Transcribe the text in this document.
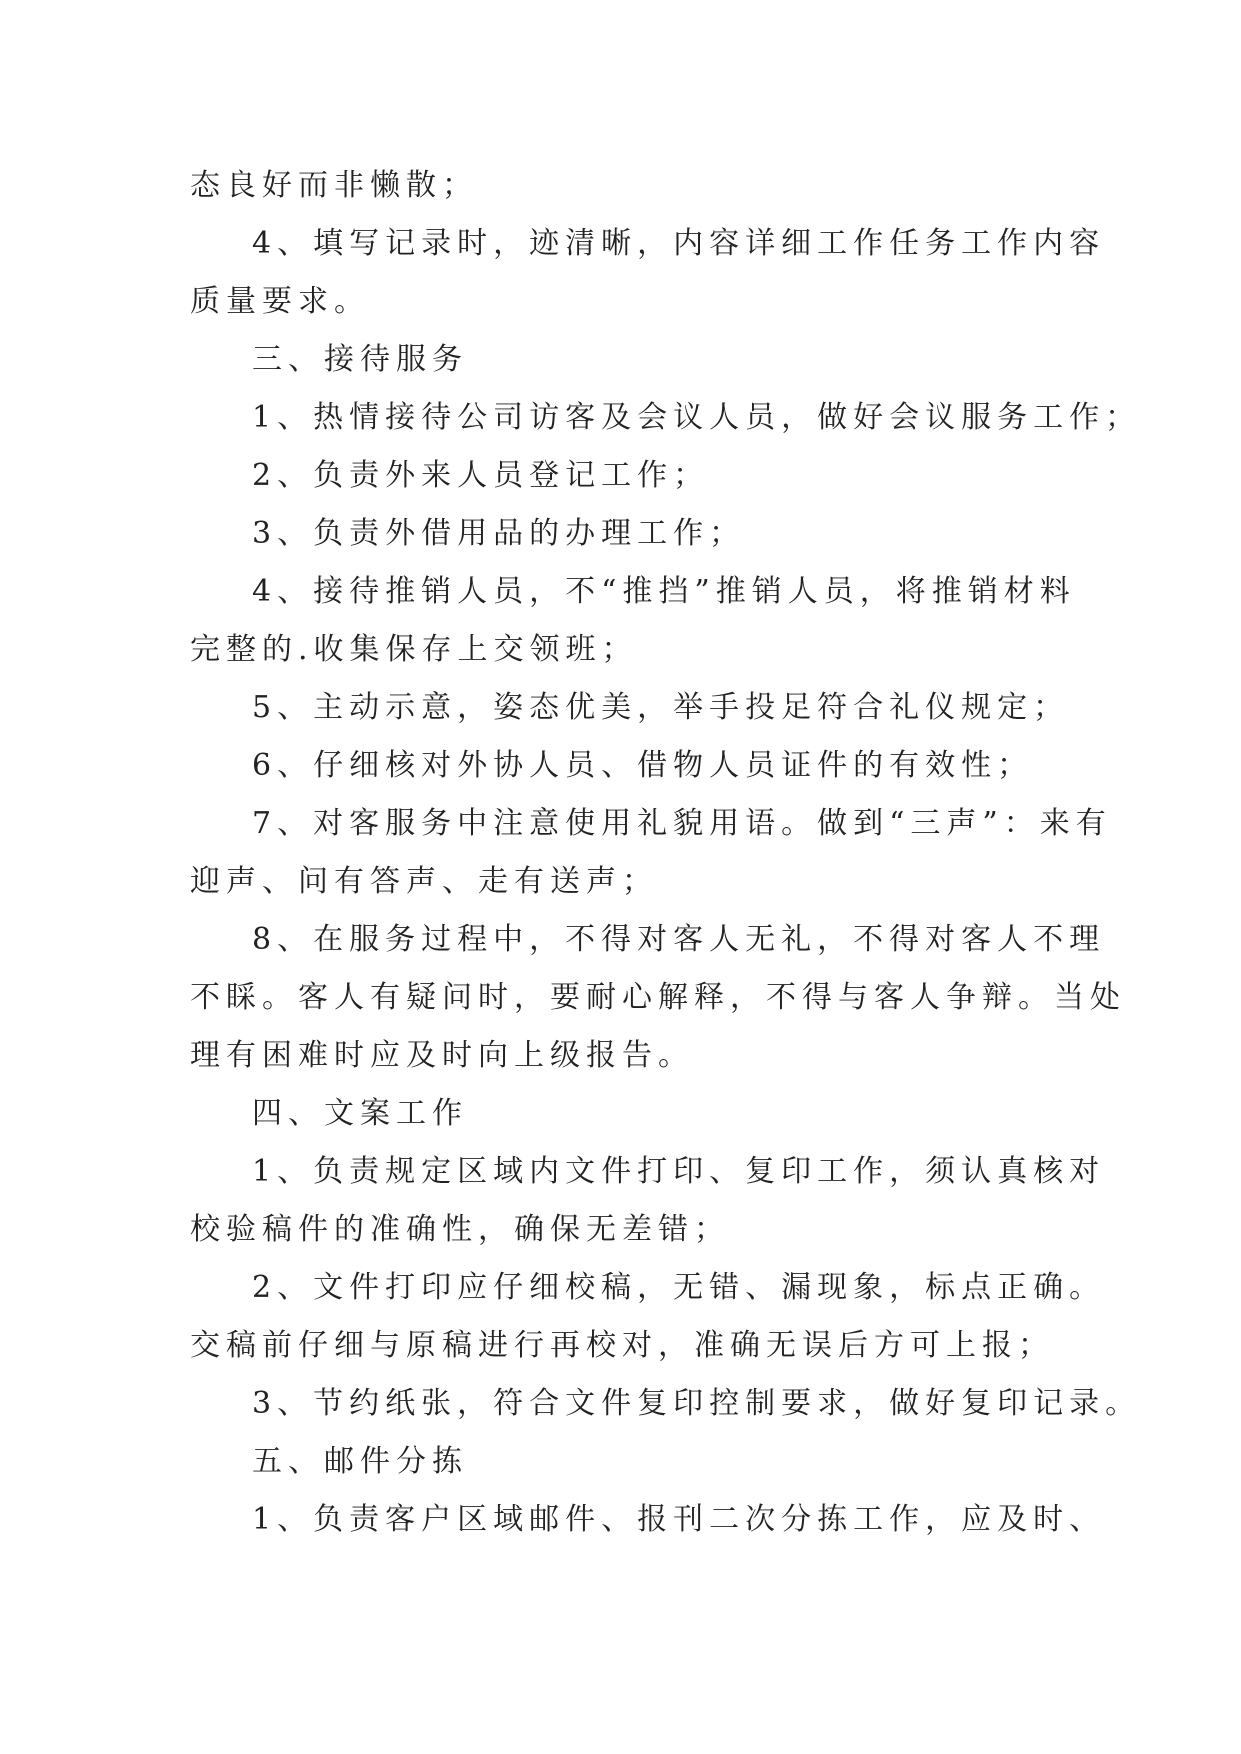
态良好而非懒散；

4、填写记录时，迹清晰，内容详细工作任务工作内容

质量要求。

三、接待服务

1、热情接待公司访客及会议人员，做好会议服务工作；

2、负责外来人员登记工作；

3、负责外借用品的办理工作；

4、接待推销人员，不“推挡”推销人员，将推销材料

完整的.收集保存上交领班；

5、主动示意，姿态优美，举手投足符合礼仪规定；

6、仔细核对外协人员、借物人员证件的有效性；

7、对客服务中注意使用礼貌用语。做到“三声”：来有

迎声、问有答声、走有送声；

8、在服务过程中，不得对客人无礼，不得对客人不理

不睬。客人有疑问时，要耐心解释，不得与客人争辩。当处

理有困难时应及时向上级报告。

四、文案工作

1、负责规定区域内文件打印、复印工作，须认真核对

校验稿件的准确性，确保无差错；

2、文件打印应仔细校稿，无错、漏现象，标点正确。

交稿前仔细与原稿进行再校对，准确无误后方可上报；

3、节约纸张，符合文件复印控制要求，做好复印记录。

五、邮件分拣

1、负责客户区域邮件、报刊二次分拣工作，应及时、
